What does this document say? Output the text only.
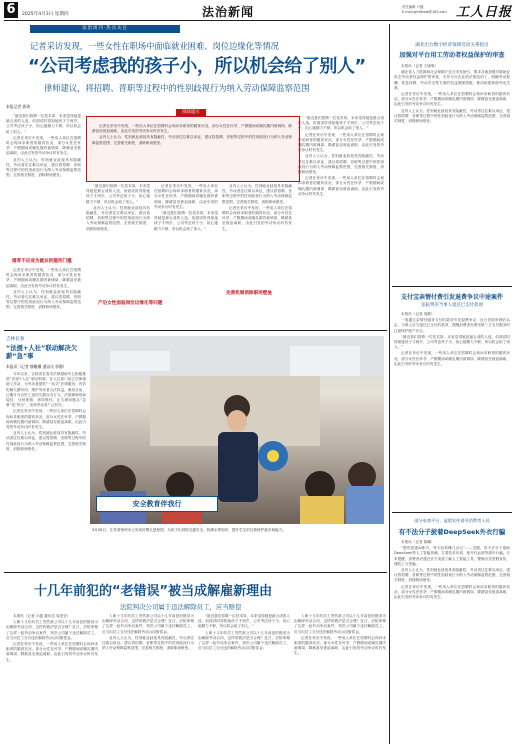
6	2025年4月3日 星期四	法治新闻	责任编辑 卢越
E-mail:grrbfzxw@163.com 工人日报
法治周刊·热点关注
记者采访发现，一些女性在职场中面临就业困难、岗位边缘化等情况
“公司考虑我的孩子小，所以机会给了别人”
律师建议，将招聘、晋职等过程中的性别歧视行为纳入劳动保障监察范围
本报记者 郭琦

“最近我们招聘一位技术岗，本来觉得她是最合适的人选，但面试时得知她孩子才两岁，公司考虑孩子小，担心她精力不够，所以机会给了别人。”

记者在采访中发现，一些用人单位在招聘时会询问求职者的婚育状况，部分女性在怀孕、产假期间或哺乳期内被调岗、降薪甚至被迫离职，由此引发的劳动争议时有发生。

业内人士认为，性别就业歧视具有隐蔽性，劳动者往往难以举证，建议将招聘、晋职等过程中的性别歧视行为纳入劳动保障监察范围，完善相关制度，消除职场壁垒。

婚育不应成为就业的隐形门槛

记者在采访中发现，一些用人单位在招聘时会询问求职者的婚育状况，部分女性在怀孕、产假期间或哺乳期内被调岗、降薪甚至被迫离职，由此引发的劳动争议时有发生。

业内人士认为，性别就业歧视具有隐蔽性，劳动者往往难以举证，建议将招聘、晋职等过程中的性别歧视行为纳入劳动保障监察范围，完善相关制度，消除职场壁垒。

阅读提示

记者在采访中发现，一些用人单位在招聘时会询问求职者的婚育状况，部分女性在怀孕、产假期间或哺乳期内被调岗、降薪甚至被迫离职，由此引发的劳动争议时有发生。

业内人士认为，性别就业歧视具有隐蔽性，劳动者往往难以举证，建议将招聘、晋职等过程中的性别歧视行为纳入劳动保障监察范围，完善相关制度，消除职场壁垒。

“最近我们招聘一位技术岗，本来觉得她是最合适的人选，但面试时得知她孩子才两岁，公司考虑孩子小，担心她精力不够，所以机会给了别人。”

业内人士认为，性别就业歧视具有隐蔽性，劳动者往往难以举证，建议将招聘、晋职等过程中的性别歧视行为纳入劳动保障监察范围，完善相关制度，消除职场壁垒。

产后女性面临岗位边缘化等问题

记者在采访中发现，一些用人单位在招聘时会询问求职者的婚育状况，部分女性在怀孕、产假期间或哺乳期内被调岗、降薪甚至被迫离职，由此引发的劳动争议时有发生。

“最近我们招聘一位技术岗，本来觉得她是最合适的人选，但面试时得知她孩子才两岁，公司考虑孩子小，担心她精力不够，所以机会给了别人。”

业内人士认为，性别就业歧视具有隐蔽性，劳动者往往难以举证，建议将招聘、晋职等过程中的性别歧视行为纳入劳动保障监察范围，完善相关制度，消除职场壁垒。

记者在采访中发现，一些用人单位在招聘时会询问求职者的婚育状况，部分女性在怀孕、产假期间或哺乳期内被调岗、降薪甚至被迫离职，由此引发的劳动争议时有发生。

完善机制消除职场壁垒

“最近我们招聘一位技术岗，本来觉得她是最合适的人选，但面试时得知她孩子才两岁，公司考虑孩子小，担心她精力不够，所以机会给了别人。”

记者在采访中发现，一些用人单位在招聘时会询问求职者的婚育状况，部分女性在怀孕、产假期间或哺乳期内被调岗、降薪甚至被迫离职，由此引发的劳动争议时有发生。

业内人士认为，性别就业歧视具有隐蔽性，劳动者往往难以举证，建议将招聘、晋职等过程中的性别歧视行为纳入劳动保障监察范围，完善相关制度，消除职场壁垒。

记者在采访中发现，一些用人单位在招聘时会询问求职者的婚育状况，部分女性在怀孕、产假期间或哺乳期内被调岗、降薪甚至被迫离职，由此引发的劳动争议时有发生。

吉林长春
“法援+人社”联动解决欠薪“急”事
本报讯（记者 柳姗姗 通讯员 郭静）

今年以来，吉林省长春市法律援助中心积极推进“法援+人社”联动机制，在人社部门设立法律援助工作站，为劳动者提供“一站式”法律服务，有效化解欠薪纠纷，维护劳动者合法权益。截至目前，已累计为农民工追回欠薪百余万元。法援律师现场接待、分析案情、指导维权，让欠薪问题从“急事”变“快办”，受到劳动者广泛好评。

记者在采访中发现，一些用人单位在招聘时会询问求职者的婚育状况，部分女性在怀孕、产假期间或哺乳期内被调岗、降薪甚至被迫离职，由此引发的劳动争议时有发生。

业内人士认为，性别就业歧视具有隐蔽性，劳动者往往难以举证，建议将招聘、晋职等过程中的性别歧视行为纳入劳动保障监察范围，完善相关制度，消除职场壁垒。

安全教育伴我行
3月28日，江苏省徐州市公安局民警走进校园，为孩子们讲授交通安全、防溺水等知识，提升学生的自我保护意识和能力。
十几年前犯的“老错误”被当成解雇新理由
法院判决公司属于违法解除员工，应当赔偿

本报讯（记者 卢越 通讯员 周美莹）

入职十几年的员工突然被公司以十几年前犯的错误为由解除劳动合同，这样的做法是否合理？近日，法院审理了这样一起劳动争议案件，判决公司属于违法解除员工，应当向员工支付违法解除劳动合同赔偿金。

记者在采访中发现，一些用人单位在招聘时会询问求职者的婚育状况，部分女性在怀孕、产假期间或哺乳期内被调岗、降薪甚至被迫离职，由此引发的劳动争议时有发生。

入职十几年的员工突然被公司以十几年前犯的错误为由解除劳动合同，这样的做法是否合理？近日，法院审理了这样一起劳动争议案件，判决公司属于违法解除员工，应当向员工支付违法解除劳动合同赔偿金。

业内人士认为，性别就业歧视具有隐蔽性，劳动者往往难以举证，建议将招聘、晋职等过程中的性别歧视行为纳入劳动保障监察范围，完善相关制度，消除职场壁垒。

“最近我们招聘一位技术岗，本来觉得她是最合适的人选，但面试时得知她孩子才两岁，公司考虑孩子小，担心她精力不够，所以机会给了别人。”

入职十几年的员工突然被公司以十几年前犯的错误为由解除劳动合同，这样的做法是否合理？近日，法院审理了这样一起劳动争议案件，判决公司属于违法解除员工，应当向员工支付违法解除劳动合同赔偿金。

入职十几年的员工突然被公司以十几年前犯的错误为由解除劳动合同，这样的做法是否合理？近日，法院审理了这样一起劳动争议案件，判决公司属于违法解除员工，应当向员工支付违法解除劳动合同赔偿金。

记者在采访中发现，一些用人单位在招聘时会询问求职者的婚育状况，部分女性在怀孕、产假期间或哺乳期内被调岗、降薪甚至被迫离职，由此引发的劳动争议时有发生。

湖北出台数字经济领域劳动关系指引
加强对平台用工劳动者权益保护的审查

本报讯（记者 王晓明）

湖北省人力资源和社会保障厅近日印发指引，要求各地加强对新就业形态劳动者权益保护的审查，引导平台企业依法规范用工，明确劳动报酬、休息休假、劳动安全等方面的权益保障措施，推动构建和谐劳动关系。

记者在采访中发现，一些用人单位在招聘时会询问求职者的婚育状况，部分女性在怀孕、产假期间或哺乳期内被调岗、降薪甚至被迫离职，由此引发的劳动争议时有发生。

业内人士认为，性别就业歧视具有隐蔽性，劳动者往往难以举证，建议将招聘、晋职等过程中的性别歧视行为纳入劳动保障监察范围，完善相关制度，消除职场壁垒。

支付宝亲情付费引发退费争议中途案件
法院判决当事人退还已支付款项

本报讯（记者 周静）

一笔通过亲情付服务支付的款项引发退费争议，近日法院审理后认定，当事人应当退还已支付的款项，提醒消费者在使用第三方支付服务时注意保护账户安全。

“最近我们招聘一位技术岗，本来觉得她是最合适的人选，但面试时得知她孩子才两岁，公司考虑孩子小，担心她精力不够，所以机会给了别人。”

记者在采访中发现，一些用人单位在招聘时会询问求职者的婚育状况，部分女性在怀孕、产假期间或哺乳期内被调岗、降薪甚至被迫离职，由此引发的劳动争议时有发生。

部分电商平台、虚假宣传诱导消费者入局
有不法分子披着DeepSeek外衣行骗

本报讯（记者 陈曦）

“帮你搭建AI账号，每天轻松赚几百元”……近期，有不法分子借助DeepSeek等人工智能热潮，打着技术培训、账号代运营等旗号行骗。专家提醒，消费者应通过官方渠道了解人工智能工具，警惕各类虚假宣传，谨防上当受骗。

业内人士认为，性别就业歧视具有隐蔽性，劳动者往往难以举证，建议将招聘、晋职等过程中的性别歧视行为纳入劳动保障监察范围，完善相关制度，消除职场壁垒。

记者在采访中发现，一些用人单位在招聘时会询问求职者的婚育状况，部分女性在怀孕、产假期间或哺乳期内被调岗、降薪甚至被迫离职，由此引发的劳动争议时有发生。
